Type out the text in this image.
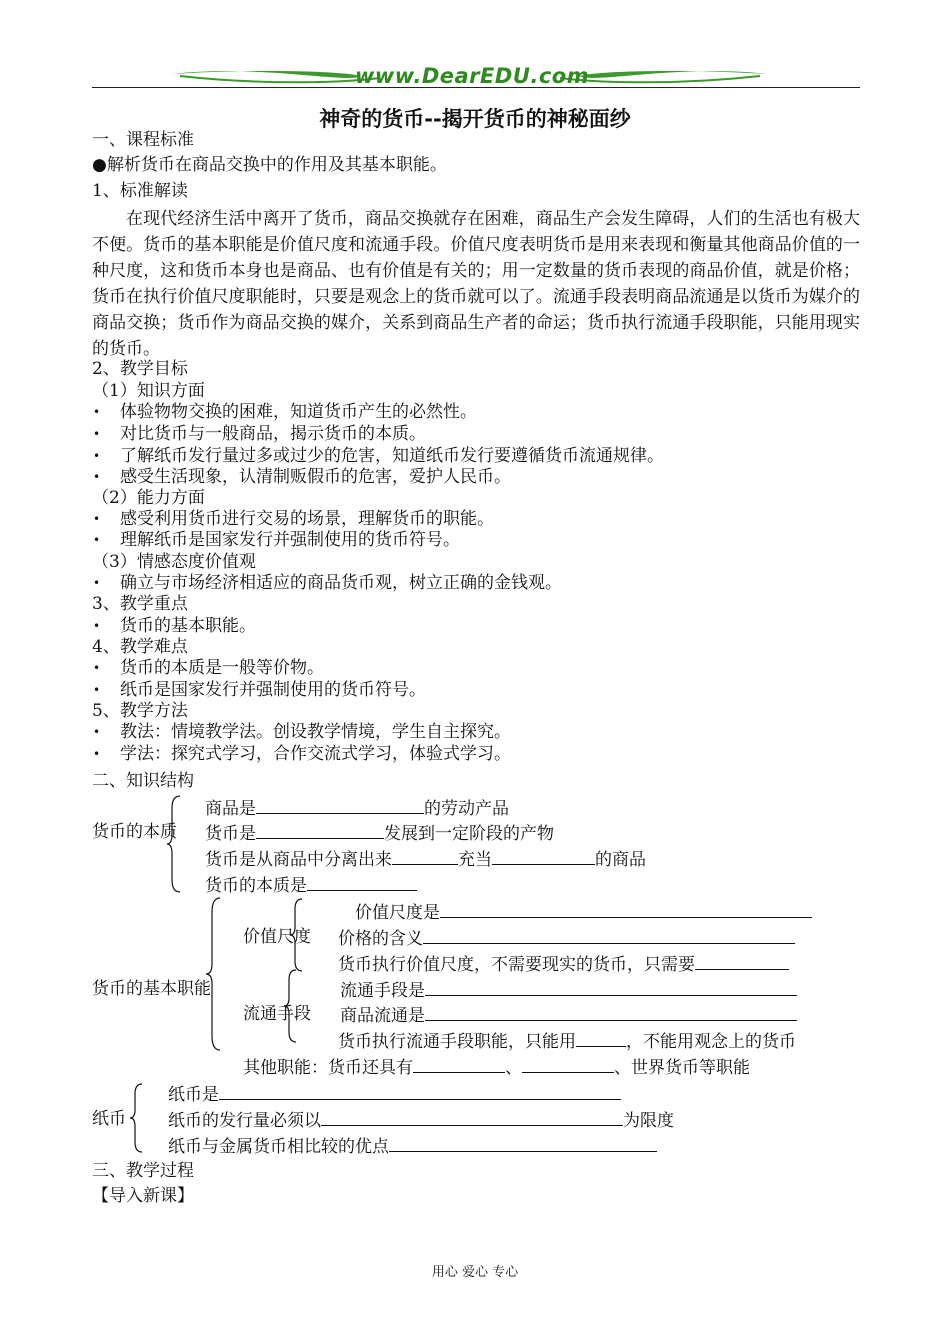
www.DearEDU.com
神奇的货币--揭开货币的神秘面纱
一、课程标准
●解析货币在商品交换中的作用及其基本职能。
1、标准解读
在现代经济生活中离开了货币，商品交换就存在困难，商品生产会发生障碍，人们的生活也有极大不便。货币的基本职能是价值尺度和流通手段。价值尺度表明货币是用来表现和衡量其他商品价值的一种尺度，这和货币本身也是商品、也有价值是有关的；用一定数量的货币表现的商品价值，就是价格；货币在执行价值尺度职能时，只要是观念上的货币就可以了。流通手段表明商品流通是以货币为媒介的商品交换；货币作为商品交换的媒介，关系到商品生产者的命运；货币执行流通手段职能，只能用现实的货币。
2、教学目标
（1）知识方面
• 体验物物交换的困难，知道货币产生的必然性。
• 对比货币与一般商品，揭示货币的本质。
• 了解纸币发行量过多或过少的危害，知道纸币发行要遵循货币流通规律。
• 感受生活现象，认清制贩假币的危害，爱护人民币。
（2）能力方面
• 感受利用货币进行交易的场景，理解货币的职能。
• 理解纸币是国家发行并强制使用的货币符号。
（3）情感态度价值观
• 确立与市场经济相适应的商品货币观，树立正确的金钱观。
3、教学重点
• 货币的基本职能。
4、教学难点
• 货币的本质是一般等价物。
• 纸币是国家发行并强制使用的货币符号。
5、教学方法
• 教法：情境教学法。创设教学情境，学生自主探究。
• 学法：探究式学习，合作交流式学习，体验式学习。
二、知识结构
货币的本质
商品是	的劳动产品
货币是	发展到一定阶段的产物
货币是从商品中分离出来	充当	的商品
货币的本质是
货币的基本职能
价值尺度
价值尺度是
价格的含义
货币执行价值尺度，不需要现实的货币，只需要
流通手段
流通手段是
商品流通是
货币执行流通手段职能，只能用	，不能用观念上的货币
其他职能：货币还具有	、	、世界货币等职能
纸币
纸币是
纸币的发行量必须以	为限度
纸币与金属货币相比较的优点
三、教学过程
【导入新课】
用心 爱心 专心
